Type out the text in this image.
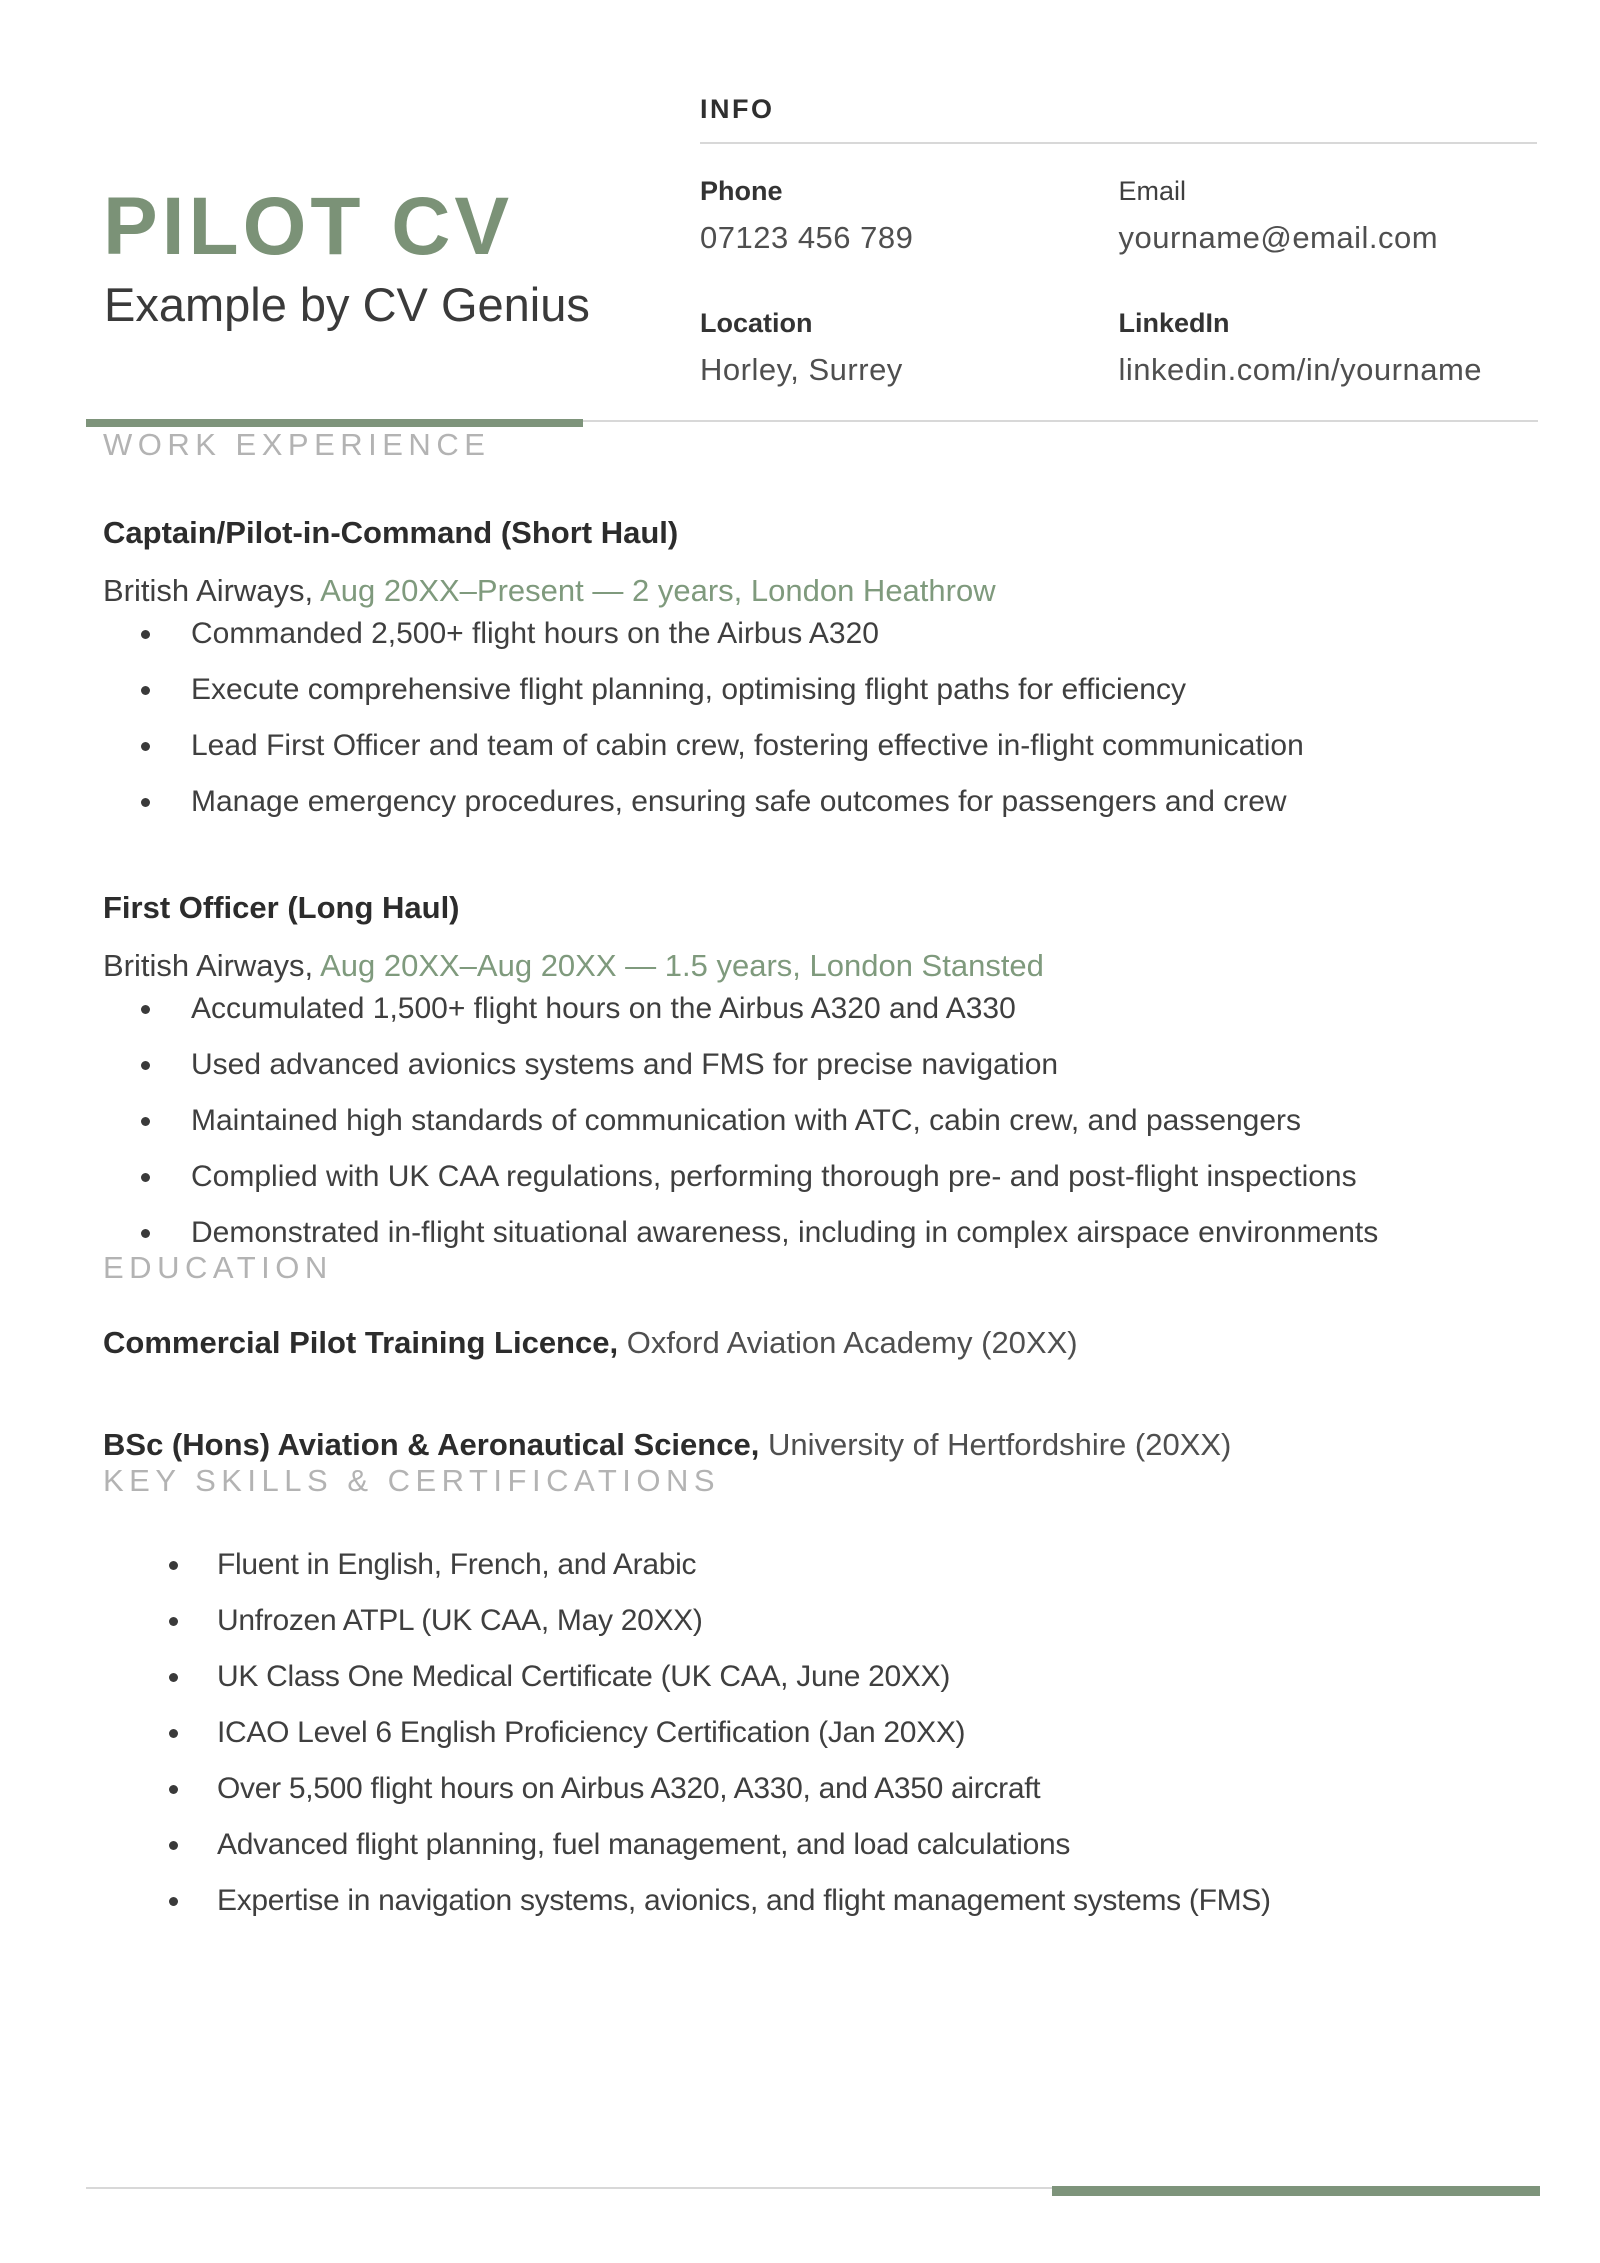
PILOT CV
Example by CV Genius
INFO
Phone
07123 456 789
Email
yourname@email.com
Location
Horley, Surrey
LinkedIn
linkedin.com/in/yourname
WORK EXPERIENCE

Captain/Pilot-in-Command (Short Haul)

British Airways, Aug 20XX–Present — 2 years, London Heathrow

Commanded 2,500+ flight hours on the Airbus A320
Execute comprehensive flight planning, optimising flight paths for efficiency
Lead First Officer and team of cabin crew, fostering effective in-flight communication
Manage emergency procedures, ensuring safe outcomes for passengers and crew

First Officer (Long Haul)

British Airways, Aug 20XX–Aug 20XX — 1.5 years, London Stansted

Accumulated 1,500+ flight hours on the Airbus A320 and A330
Used advanced avionics systems and FMS for precise navigation
Maintained high standards of communication with ATC, cabin crew, and passengers
Complied with UK CAA regulations, performing thorough pre- and post-flight inspections
Demonstrated in-flight situational awareness, including in complex airspace environments
EDUCATION

Commercial Pilot Training Licence, Oxford Aviation Academy (20XX)

BSc (Hons) Aviation & Aeronautical Science, University of Hertfordshire (20XX)

KEY SKILLS & CERTIFICATIONS
Fluent in English, French, and Arabic
Unfrozen ATPL (UK CAA, May 20XX)
UK Class One Medical Certificate (UK CAA, June 20XX)
ICAO Level 6 English Proficiency Certification (Jan 20XX)
Over 5,500 flight hours on Airbus A320, A330, and A350 aircraft
Advanced flight planning, fuel management, and load calculations
Expertise in navigation systems, avionics, and flight management systems (FMS)
